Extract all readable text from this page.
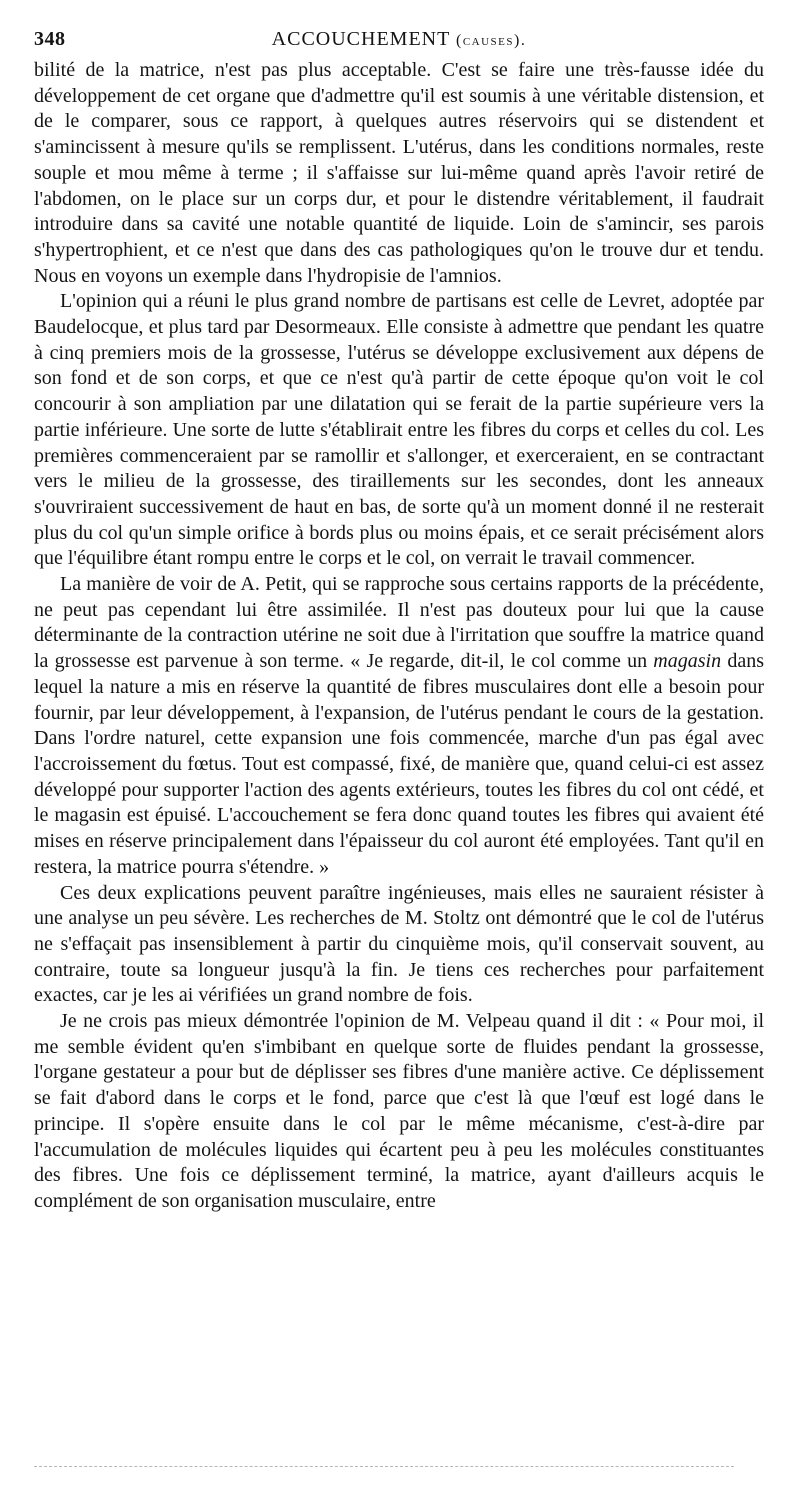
348	ACCOUCHEMENT (causes).

bilité de la matrice, n'est pas plus acceptable. C'est se faire une très-fausse idée du développement de cet organe que d'admettre qu'il est soumis à une véritable distension, et de le comparer, sous ce rapport, à quelques autres réservoirs qui se distendent et s'amincissent à mesure qu'ils se remplissent. L'utérus, dans les conditions normales, reste souple et mou même à terme ; il s'affaisse sur lui-même quand après l'avoir retiré de l'abdomen, on le place sur un corps dur, et pour le distendre véritablement, il faudrait introduire dans sa cavité une notable quantité de liquide. Loin de s'amincir, ses parois s'hypertrophient, et ce n'est que dans des cas pathologiques qu'on le trouve dur et tendu. Nous en voyons un exemple dans l'hydropisie de l'amnios.

L'opinion qui a réuni le plus grand nombre de partisans est celle de Levret, adoptée par Baudelocque, et plus tard par Desormeaux. Elle consiste à admettre que pendant les quatre à cinq premiers mois de la grossesse, l'utérus se développe exclusivement aux dépens de son fond et de son corps, et que ce n'est qu'à partir de cette époque qu'on voit le col concourir à son ampliation par une dilatation qui se ferait de la partie supérieure vers la partie inférieure. Une sorte de lutte s'établirait entre les fibres du corps et celles du col. Les premières commenceraient par se ramollir et s'allonger, et exerceraient, en se contractant vers le milieu de la grossesse, des tiraillements sur les secondes, dont les anneaux s'ouvriraient successivement de haut en bas, de sorte qu'à un moment donné il ne resterait plus du col qu'un simple orifice à bords plus ou moins épais, et ce serait précisément alors que l'équilibre étant rompu entre le corps et le col, on verrait le travail commencer.

La manière de voir de A. Petit, qui se rapproche sous certains rapports de la précédente, ne peut pas cependant lui être assimilée. Il n'est pas douteux pour lui que la cause déterminante de la contraction utérine ne soit due à l'irritation que souffre la matrice quand la grossesse est parvenue à son terme. « Je regarde, dit-il, le col comme un magasin dans lequel la nature a mis en réserve la quantité de fibres musculaires dont elle a besoin pour fournir, par leur développement, à l'expansion, de l'utérus pendant le cours de la gestation. Dans l'ordre naturel, cette expansion une fois commencée, marche d'un pas égal avec l'accroissement du fœtus. Tout est compassé, fixé, de manière que, quand celui-ci est assez développé pour supporter l'action des agents extérieurs, toutes les fibres du col ont cédé, et le magasin est épuisé. L'accouchement se fera donc quand toutes les fibres qui avaient été mises en réserve principalement dans l'épaisseur du col auront été employées. Tant qu'il en restera, la matrice pourra s'étendre. »

Ces deux explications peuvent paraître ingénieuses, mais elles ne sauraient résister à une analyse un peu sévère. Les recherches de M. Stoltz ont démontré que le col de l'utérus ne s'effaçait pas insensiblement à partir du cinquième mois, qu'il conservait souvent, au contraire, toute sa longueur jusqu'à la fin. Je tiens ces recherches pour parfaitement exactes, car je les ai vérifiées un grand nombre de fois.

Je ne crois pas mieux démontrée l'opinion de M. Velpeau quand il dit : « Pour moi, il me semble évident qu'en s'imbibant en quelque sorte de fluides pendant la grossesse, l'organe gestateur a pour but de déplisser ses fibres d'une manière active. Ce déplissement se fait d'abord dans le corps et le fond, parce que c'est là que l'œuf est logé dans le principe. Il s'opère ensuite dans le col par le même mécanisme, c'est-à-dire par l'accumulation de molécules liquides qui écartent peu à peu les molécules constituantes des fibres. Une fois ce déplissement terminé, la matrice, ayant d'ailleurs acquis le complément de son organisation musculaire, entre
